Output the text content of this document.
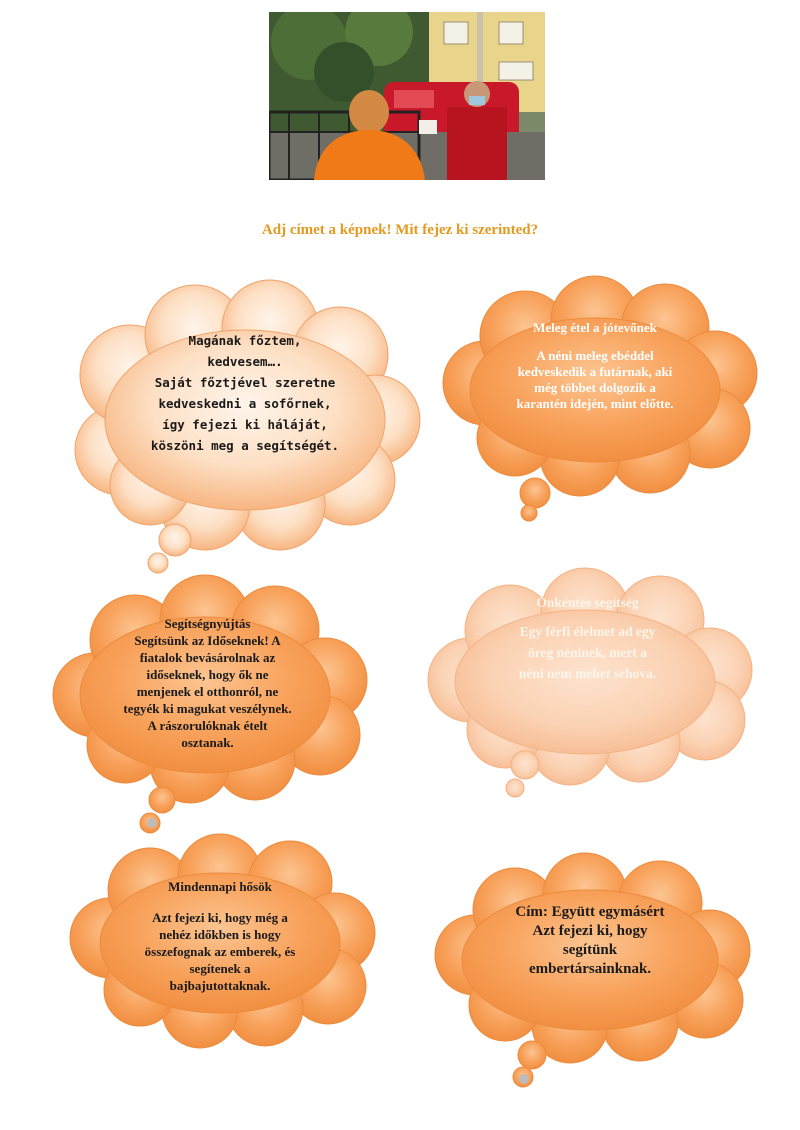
Adj címet a képnek! Mit fejez ki szerinted?

Magának főztem,
kedvesem….
Saját főztjével szeretne
kedveskedni a sofőrnek,
így fejezi ki háláját,
köszöni meg a segítségét.
Meleg étel a jótevőnek
A néni meleg ebéddel
kedveskedik a futárnak, aki
még többet dolgozik a
karantén idején, mint előtte.
Segítségnyújtás
Segítsünk az Időseknek! A
fiatalok bevásárolnak az
időseknek, hogy ők ne
menjenek el otthonról, ne
tegyék ki magukat veszélynek.
A rászorulóknak ételt
osztanak.
Önkéntes segítség
Egy férfi élelmet ad egy
öreg néninek, mert a
néni nem mehet sehova.
Mindennapi hősök
Azt fejezi ki, hogy még a
nehéz időkben is hogy
összefognak az emberek, és
segítenek a
bajbajutottaknak.
Cím: Együtt egymásért
Azt fejezi ki, hogy
segítünk
embertársainknak.
